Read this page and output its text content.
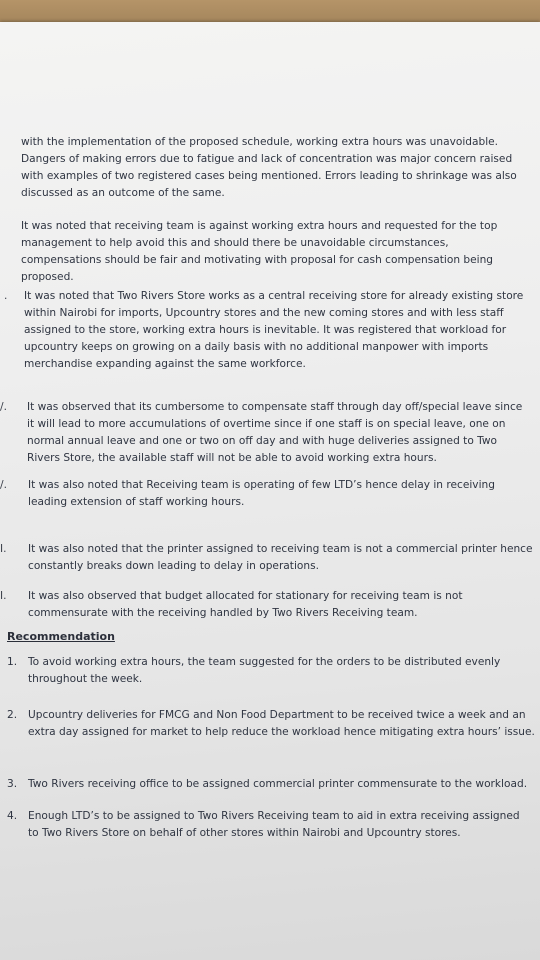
with the implementation of the proposed schedule, working extra hours was unavoidable. Dangers of making errors due to fatigue and lack of concentration was major concern raised with examples of two registered cases being mentioned. Errors leading to shrinkage was also discussed as an outcome of the same.

It was noted that receiving team is against working extra hours and requested for the top management to help avoid this and should there be unavoidable circumstances, compensations should be fair and motivating with proposal for cash compensation being proposed.

. It was noted that Two Rivers Store works as a central receiving store for already existing store within Nairobi for imports, Upcountry stores and the new coming stores and with less staff assigned to the store, working extra hours is inevitable. It was registered that workload for upcountry keeps on growing on a daily basis with no additional manpower with imports merchandise expanding against the same workforce.

/. It was observed that its cumbersome to compensate staff through day off/special leave since it will lead to more accumulations of overtime since if one staff is on special leave, one on normal annual leave and one or two on off day and with huge deliveries assigned to Two Rivers Store, the available staff will not be able to avoid working extra hours.

/. It was also noted that Receiving team is operating of few LTD’s hence delay in receiving leading extension of staff working hours.

I. It was also noted that the printer assigned to receiving team is not a commercial printer hence constantly breaks down leading to delay in operations.

I. It was also observed that budget allocated for stationary for receiving team is not commensurate with the receiving handled by Two Rivers Receiving team.

Recommendation
1. To avoid working extra hours, the team suggested for the orders to be distributed evenly throughout the week.

2. Upcountry deliveries for FMCG and Non Food Department to be received twice a week and an extra day assigned for market to help reduce the workload hence mitigating extra hours’ issue.

3. Two Rivers receiving office to be assigned commercial printer commensurate to the workload.

4. Enough LTD’s to be assigned to Two Rivers Receiving team to aid in extra receiving assigned to Two Rivers Store on behalf of other stores within Nairobi and Upcountry stores.
